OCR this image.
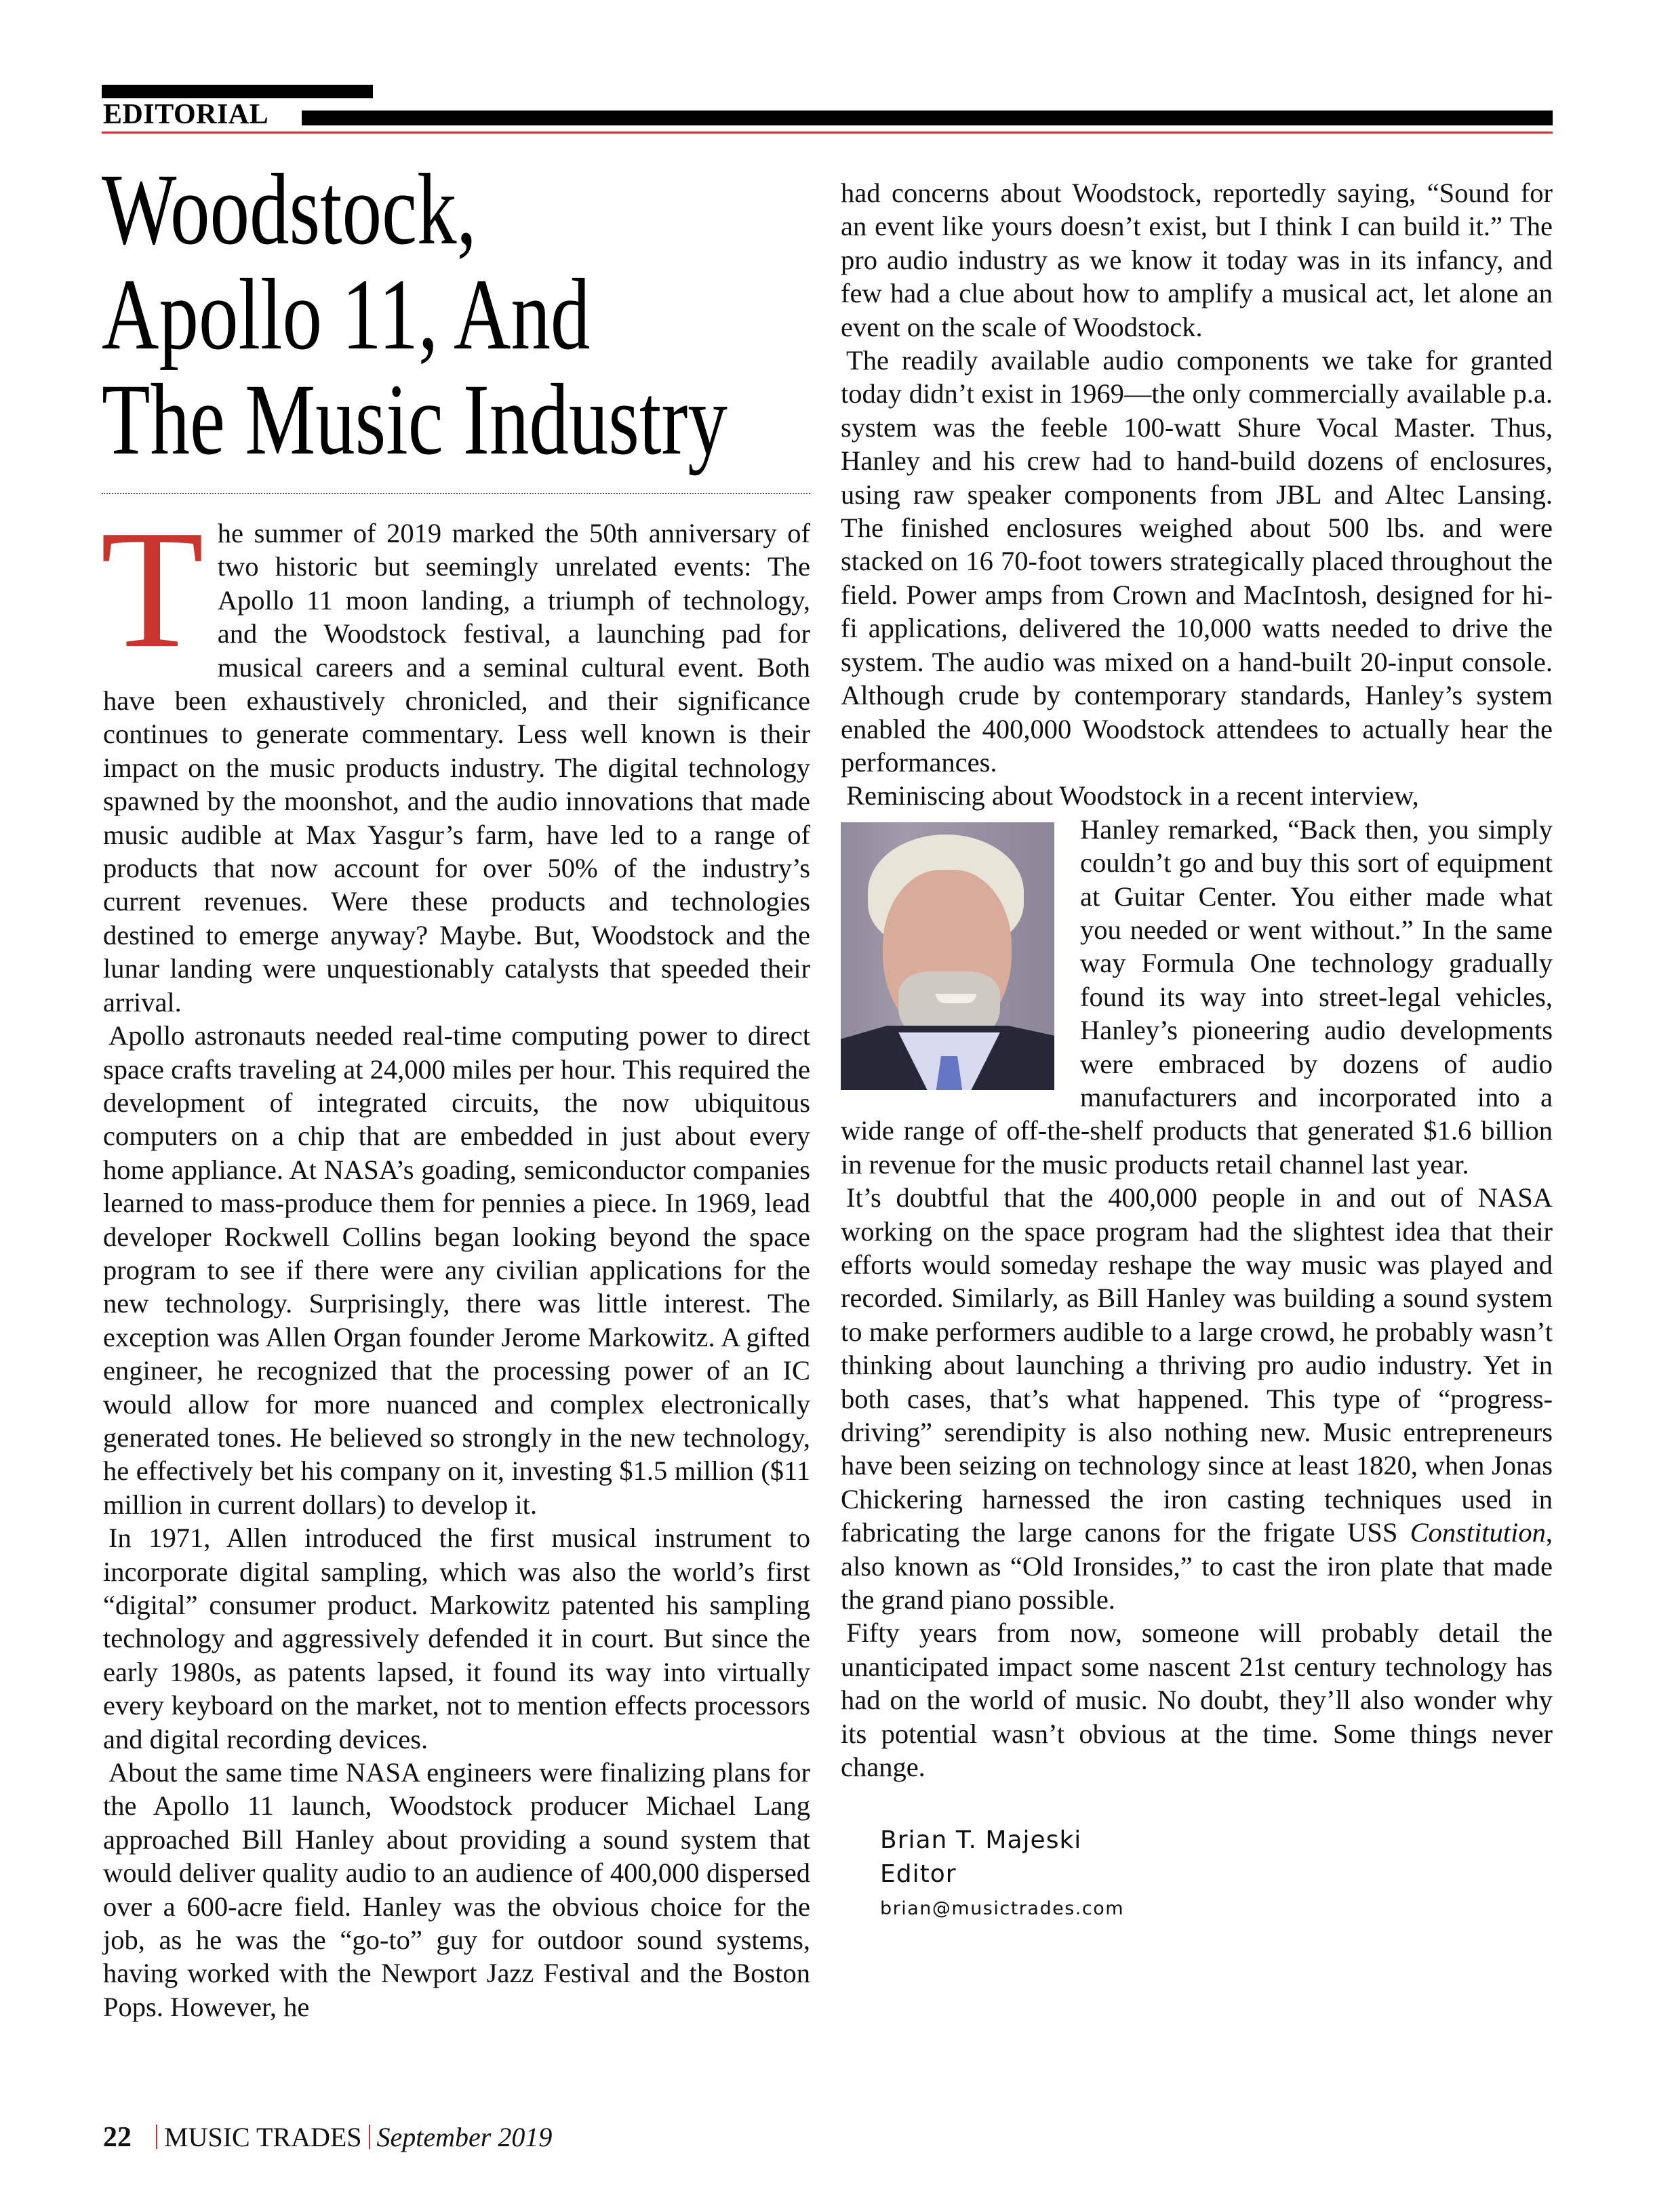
EDITORIAL
Woodstock,
Apollo 11, And
The Music Industry

The summer of 2019 marked the 50th anniversary of two historic but seemingly unrelated events: The Apollo 11 moon landing, a triumph of technology, and the Woodstock festival, a launching pad for musical careers and a seminal cultural event. Both have been exhaustively chronicled, and their significance continues to generate commentary. Less well known is their impact on the music products industry. The digital technology spawned by the moonshot, and the audio innovations that made music audible at Max Yasgur’s farm, have led to a range of products that now account for over 50% of the industry’s current revenues. Were these products and technologies destined to emerge anyway? Maybe. But, Woodstock and the lunar landing were unquestionably catalysts that speeded their arrival.

Apollo astronauts needed real-time computing power to direct space crafts traveling at 24,000 miles per hour. This required the development of integrated circuits, the now ubiquitous computers on a chip that are embedded in just about every home appliance. At NASA’s goading, semiconductor companies learned to mass-produce them for pennies a piece. In 1969, lead developer Rockwell Collins began looking beyond the space program to see if there were any civilian applications for the new technology. Surprisingly, there was little interest. The exception was Allen Organ founder Jerome Markowitz. A gifted engineer, he recognized that the processing power of an IC would allow for more nuanced and complex electronically generated tones. He believed so strongly in the new technology, he effectively bet his company on it, investing $1.5 million ($11 million in current dollars) to develop it.

In 1971, Allen introduced the first musical instrument to incorporate digital sampling, which was also the world’s first “digital” consumer product. Markowitz patented his sampling technology and aggressively defended it in court. But since the early 1980s, as patents lapsed, it found its way into virtually every keyboard on the market, not to mention effects processors and digital recording devices.

About the same time NASA engineers were finalizing plans for the Apollo 11 launch, Woodstock producer Michael Lang approached Bill Hanley about providing a sound system that would deliver quality audio to an audience of 400,000 dispersed over a 600-acre field. Hanley was the obvious choice for the job, as he was the “go-to” guy for outdoor sound systems, having worked with the Newport Jazz Festival and the Boston Pops. However, he

had concerns about Woodstock, reportedly saying, “Sound for an event like yours doesn’t exist, but I think I can build it.” The pro audio industry as we know it today was in its infancy, and few had a clue about how to amplify a musical act, let alone an event on the scale of Woodstock.

The readily available audio components we take for granted today didn’t exist in 1969—the only commercially available p.a. system was the feeble 100-watt Shure Vocal Master. Thus, Hanley and his crew had to hand-build dozens of enclosures, using raw speaker components from JBL and Altec Lansing. The finished enclosures weighed about 500 lbs. and were stacked on 16 70-foot towers strategically placed throughout the field. Power amps from Crown and MacIntosh, designed for hi-fi applications, delivered the 10,000 watts needed to drive the system. The audio was mixed on a hand-built 20-input console. Although crude by contemporary standards, Hanley’s system enabled the 400,000 Woodstock attendees to actually hear the performances.

Reminiscing about Woodstock in a recent interview,

Hanley remarked, “Back then, you simply couldn’t go and buy this sort of equipment at Guitar Center. You either made what you needed or went without.” In the same way Formula One technology gradually found its way into street-legal vehicles, Hanley’s pioneering audio developments were embraced by dozens of audio manufacturers and incorporated into a wide range of off-the-shelf products that generated $1.6 billion in revenue for the music products retail channel last year.

It’s doubtful that the 400,000 people in and out of NASA working on the space program had the slightest idea that their efforts would someday reshape the way music was played and recorded. Similarly, as Bill Hanley was building a sound system to make performers audible to a large crowd, he probably wasn’t thinking about launching a thriving pro audio industry. Yet in both cases, that’s what happened. This type of “progress-driving” serendipity is also nothing new. Music entrepreneurs have been seizing on technology since at least 1820, when Jonas Chickering harnessed the iron casting techniques used in fabricating the large canons for the frigate USS Constitution, also known as “Old Ironsides,” to cast the iron plate that made the grand piano possible.

Fifty years from now, someone will probably detail the unanticipated impact some nascent 21st century technology has had on the world of music. No doubt, they’ll also wonder why its potential wasn’t obvious at the time. Some things never change.

Brian T. Majeski
Editor
brian@musictrades.com
22 MUSIC TRADES September 2019
